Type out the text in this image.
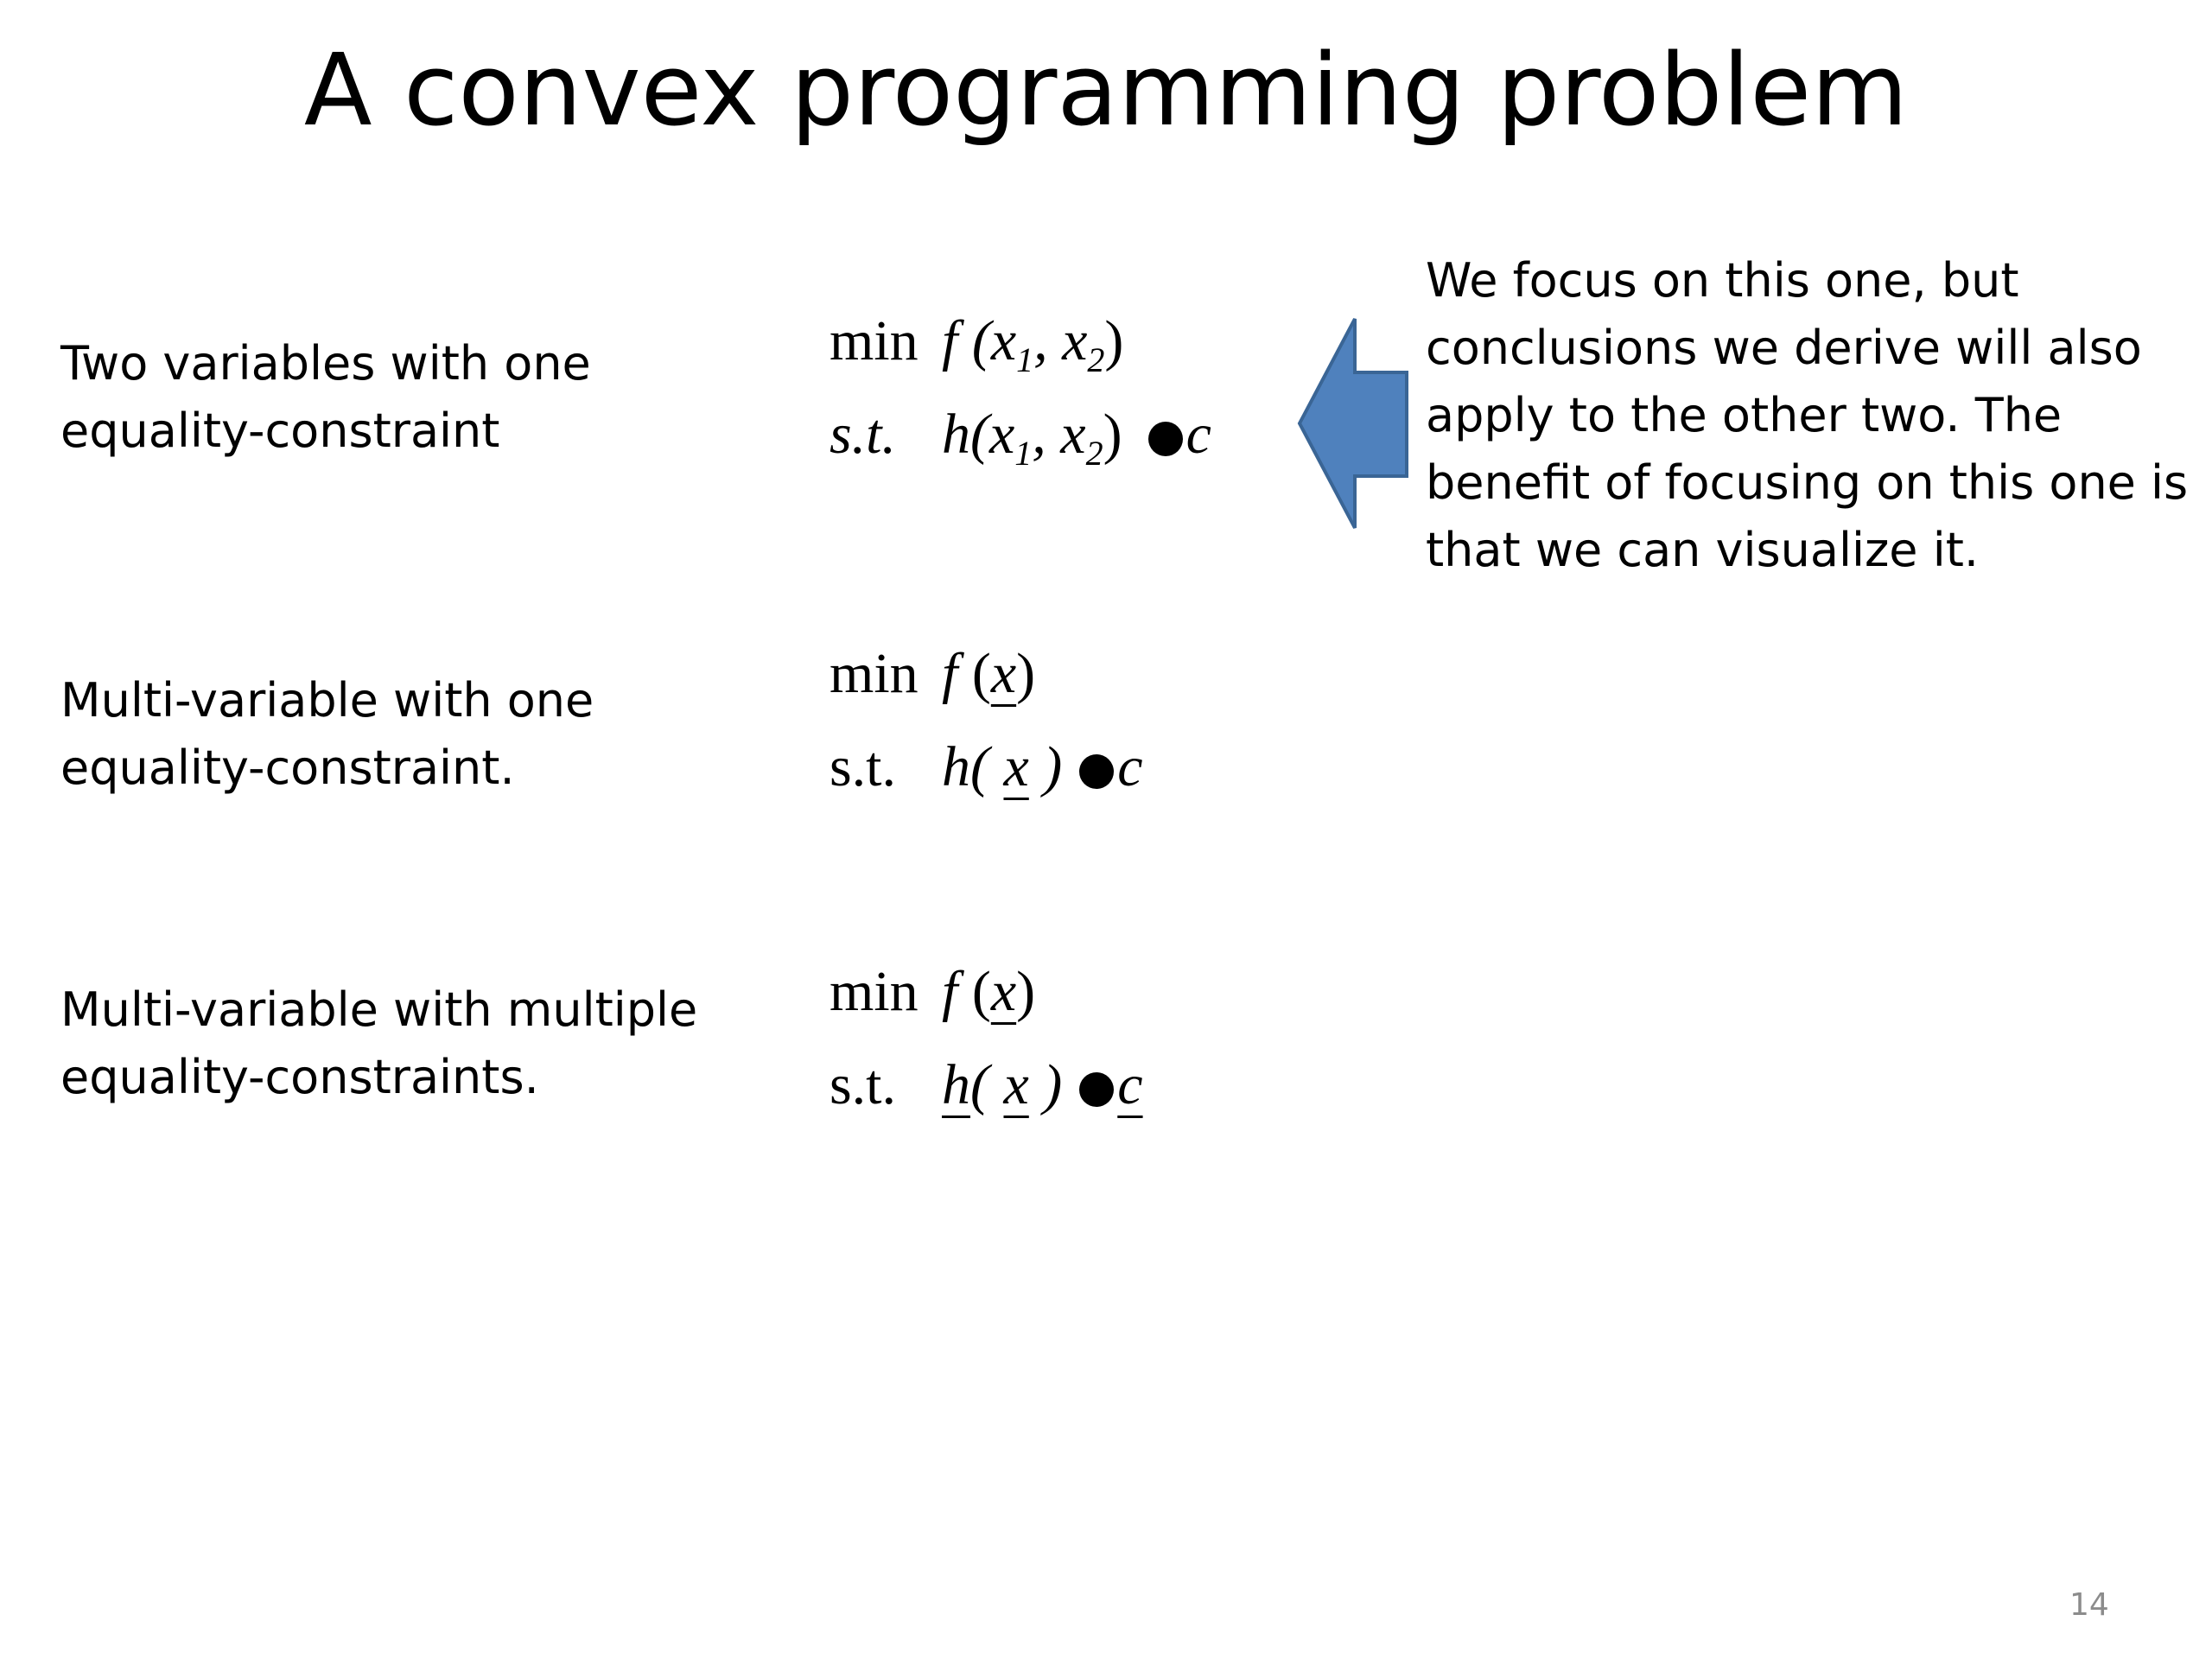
A convex programming problem
Two variables with one
equality-constraint
min f ($x_1$, $x_2$)
s.t. $h(x_1$, $x_2$) c
We focus on this one, but
conclusions we derive will also
apply to the other two. The
benefit of focusing on this one is
that we can visualize it.
Multi-variable with one
equality-constraint.
min f (x)
s.t. h( x ) c
Multi-variable with multiple
equality-constraints.
min f (x)
s.t. h( x ) c
14
